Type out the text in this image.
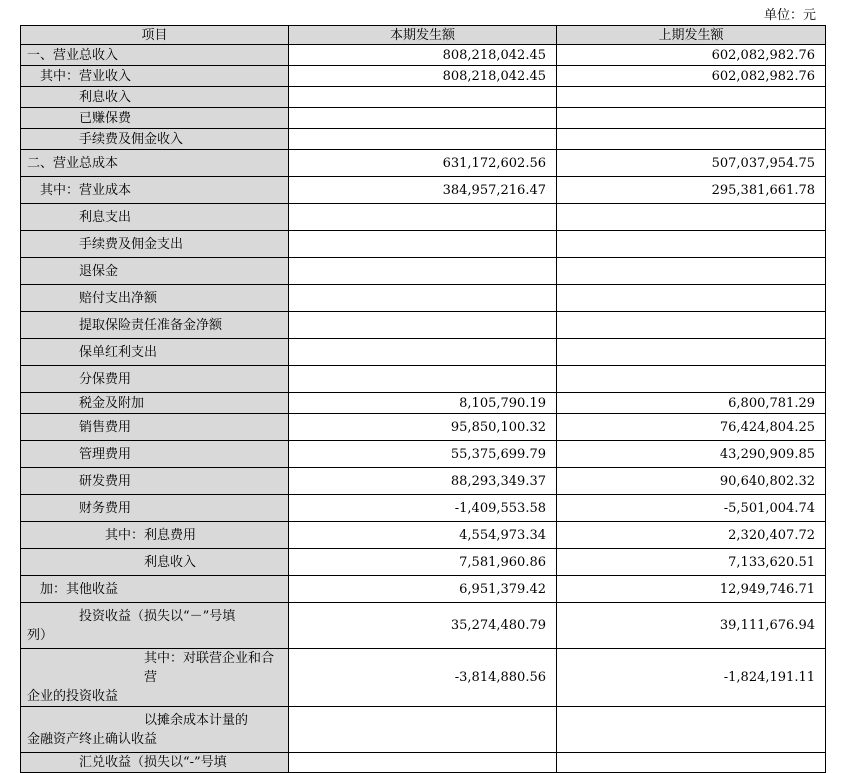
单位：元
项目	本期发生额	上期发生额

一、营业总收入	808,218,042.45	602,082,982.76

其中：营业收入	808,218,042.45	602,082,982.76

利息收入		

已赚保费		

手续费及佣金收入		

二、营业总成本	631,172,602.56	507,037,954.75

其中：营业成本	384,957,216.47	295,381,661.78

利息支出		

手续费及佣金支出		

退保金		

赔付支出净额		

提取保险责任准备金净额		

保单红利支出		

分保费用		

税金及附加	8,105,790.19	6,800,781.29

销售费用	95,850,100.32	76,424,804.25

管理费用	55,375,699.79	43,290,909.85

研发费用	88,293,349.37	90,640,802.32

财务费用	-1,409,553.58	-5,501,004.74

其中：利息费用	4,554,973.34	2,320,407.72

利息收入	7,581,960.86	7,133,620.51

加：其他收益	6,951,379.42	12,949,746.71

投资收益（损失以“－”号填
列）	35,274,480.79	39,111,676.94

其中：对联营企业和合营
企业的投资收益	-3,814,880.56	-1,824,191.11

以摊余成本计量的
金融资产终止确认收益		

汇兑收益（损失以“-”号填		
